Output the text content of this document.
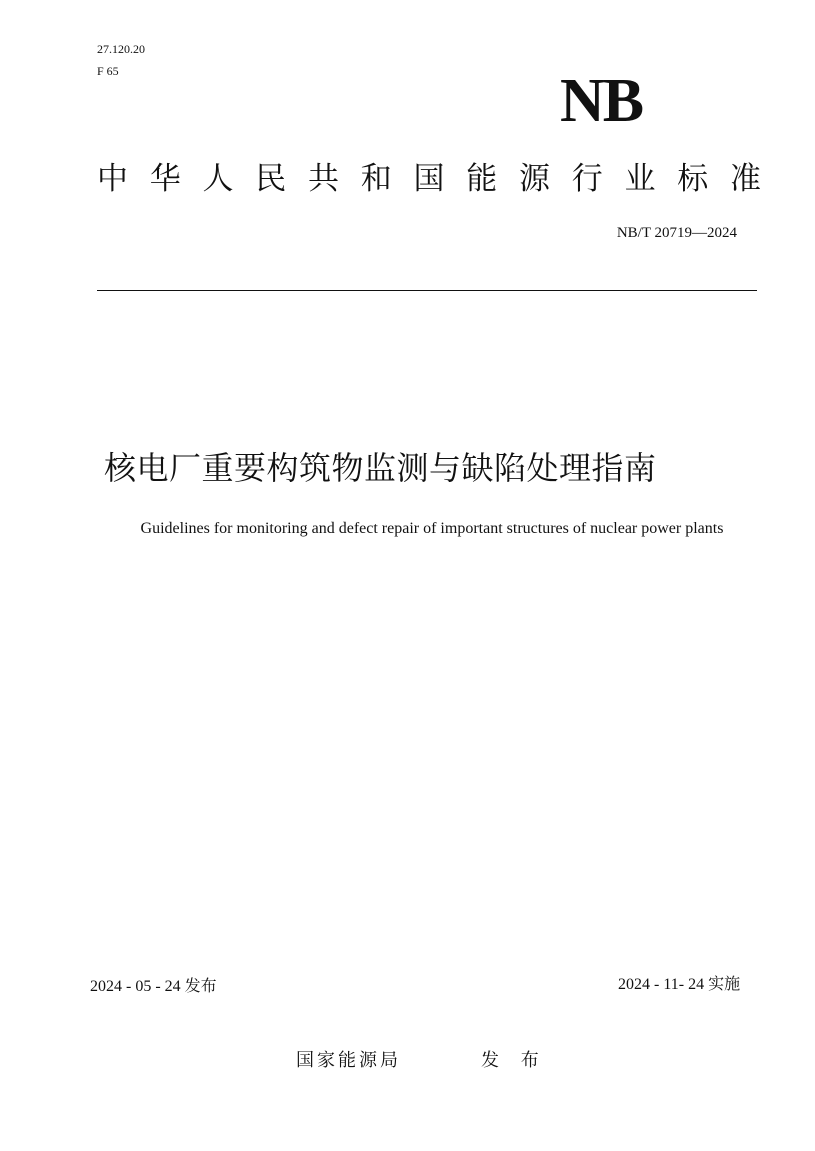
27.120.20
F 65	NB
中 华 人 民 共 和 国 能 源 行 业 标 准
NB/T 20719—2024
核电厂重要构筑物监测与缺陷处理指南
Guidelines for monitoring and defect repair of important structures of nuclear power plants
2024 - 05 - 24 发布	2024 - 11- 24 实施
国家能源局	发 布
